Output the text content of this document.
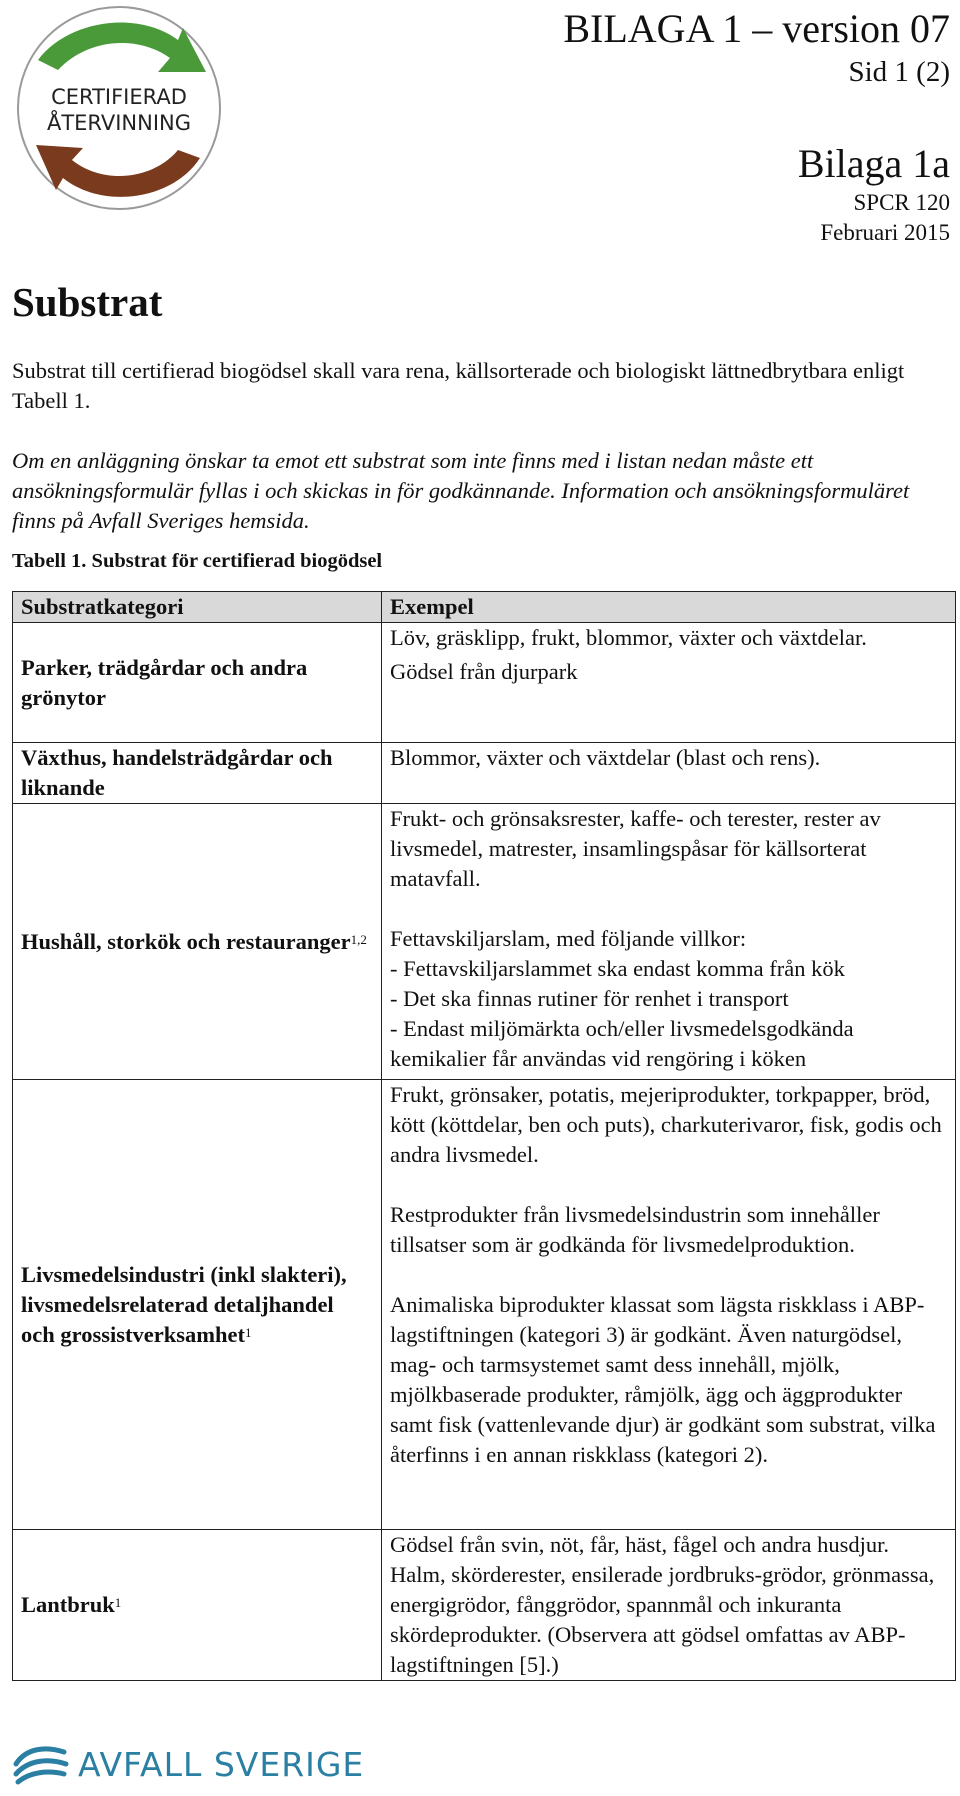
CERTIFIERAD
ÅTERVINNING
BILAGA 1 – version 07
Sid 1 (2)
Bilaga 1a
SPCR 120
Februari 2015
Substrat
Substrat till certifierad biogödsel skall vara rena, källsorterade och biologiskt lättnedbrytbara enligt Tabell 1.
Om en anläggning önskar ta emot ett substrat som inte finns med i listan nedan måste ett ansökningsformulär fyllas i och skickas in för godkännande. Information och ansökningsformuläret finns på Avfall Sveriges hemsida.
Tabell 1. Substrat för certifierad biogödsel
Substratkategori	Exempel
Parker, trädgårdar och andra grönytor	Löv, gräsklipp, frukt, blommor, växter och växtdelar.

Gödsel från djurpark

Växthus, handelsträdgårdar och liknande	Blommor, växter och växtdelar (blast och rens).

Hushåll, storkök och restauranger$^{1,2}$	Frukt- och grönsaksrester, kaffe- och terester, rester av livsmedel, matrester, insamlingspåsar för källsorterat matavfall.

Fettavskiljarslam, med följande villkor:

- Fettavskiljarslammet ska endast komma från kök

- Det ska finnas rutiner för renhet i transport

- Endast miljömärkta och/eller livsmedelsgodkända kemikalier får användas vid rengöring i köken

Livsmedelsindustri (inkl slakteri), livsmedelsrelaterad detaljhandel och grossistverksamhet$^1$	Frukt, grönsaker, potatis, mejeriprodukter, torkpapper, bröd, kött (köttdelar, ben och puts), charkuterivaror, fisk, godis och andra livsmedel.

Restprodukter från livsmedelsindustrin som innehåller tillsatser som är godkända för livsmedelproduktion.

Animaliska biprodukter klassat som lägsta riskklass i ABP-lagstiftningen (kategori 3) är godkänt. Även naturgödsel, mag- och tarmsystemet samt dess innehåll, mjölk, mjölkbaserade produkter, råmjölk, ägg och äggprodukter samt fisk (vattenlevande djur) är godkänt som substrat, vilka återfinns i en annan riskklass (kategori 2).

Lantbruk$^1$	Gödsel från svin, nöt, får, häst, fågel och andra husdjur. Halm, skörderester, ensilerade jordbruks-grödor, grönmassa, energigrödor, fånggrödor, spannmål och inkuranta skördeprodukter. (Observera att gödsel omfattas av ABP-lagstiftningen [5].)

AVFALL SVERIGE
